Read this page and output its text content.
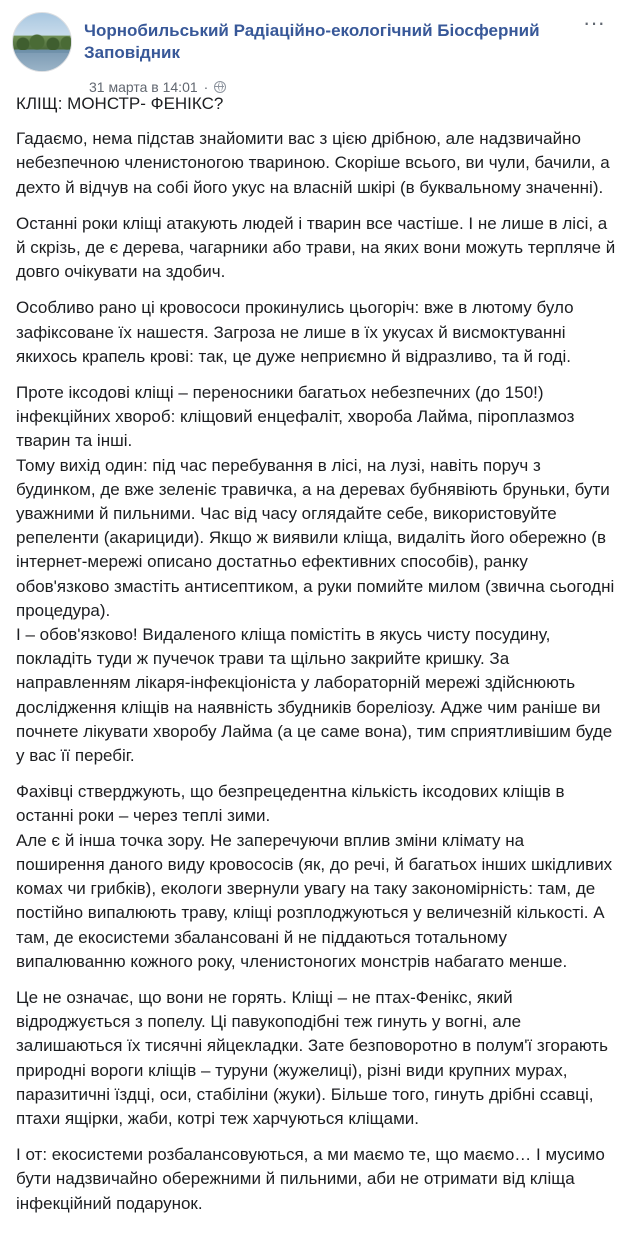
Чорнобильський Радіаційно-екологічний Біосферний Заповідник
31 марта в 14:01 ·
···

КЛІЩ: МОНСТР- ФЕНІКС?

Гадаємо, нема підстав знайомити вас з цією дрібною, але надзвичайно небезпечною членистоногою твариною. Скоріше всього, ви чули, бачили, а дехто й відчув на собі його укус на власній шкірі (в буквальному значенні).

Останні роки кліщі атакують людей і тварин все частіше. І не лише в лісі, а й скрізь, де є дерева, чагарники або трави, на яких вони можуть терпляче й довго очікувати на здобич.

Особливо рано ці кровососи прокинулись цьогоріч: вже в лютому було зафіксоване їх нашестя. Загроза не лише в їх укусах й висмоктуванні якихось крапель крові: так, це дуже неприємно й відразливо, та й годі.

Проте іксодові кліщі – переносники багатьох небезпечних (до 150!) інфекційних хвороб: кліщовий енцефаліт, хвороба Лайма, піроплазмоз тварин та інші.
Тому вихід один: під час перебування в лісі, на лузі, навіть поруч з будинком, де вже зеленіє травичка, а на деревах бубнявіють бруньки, бути уважними й пильними. Час від часу оглядайте себе, використовуйте репеленти (акарициди). Якщо ж виявили кліща, видаліть його обережно (в інтернет-мережі описано достатньо ефективних способів), ранку обов'язково змастіть антисептиком, а руки помийте милом (звична сьогодні процедура).
І – обов'язково! Видаленого кліща помістіть в якусь чисту посудину, покладіть туди ж пучечок трави та щільно закрийте кришку. За направленням лікаря-інфекціоніста у лабораторній мережі здійснюють дослідження кліщів на наявність збудників бореліозу. Адже чим раніше ви почнете лікувати хворобу Лайма (а це саме вона), тим сприятливішим буде у вас її перебіг.

Фахівці стверджують, що безпрецедентна кількість іксодових кліщів в останні роки – через теплі зими.
Але є й інша точка зору. Не заперечуючи вплив зміни клімату на поширення даного виду кровососів (як, до речі, й багатьох інших шкідливих комах чи грибків), екологи звернули увагу на таку закономірність: там, де постійно випалюють траву, кліщі розплоджуються у величезній кількості. А там, де екосистеми збалансовані й не піддаються тотальному випалюванню кожного року, членистоногих монстрів набагато менше.

Це не означає, що вони не горять. Кліщі – не птах-Фенікс, який відроджується з попелу. Ці павукоподібні теж гинуть у вогні, але залишаються їх тисячні яйцекладки. Зате безповоротно в полум'ї згорають природні вороги кліщів – туруни (жужелиці), різні види крупних мурах, паразитичні їздці, оси, стабіліни (жуки). Більше того, гинуть дрібні ссавці, птахи ящірки, жаби, котрі теж харчуються кліщами.

І от: екосистеми розбалансовуються, а ми маємо те, що маємо… І мусимо бути надзвичайно обережними й пильними, аби не отримати від кліща інфекційний подарунок.
